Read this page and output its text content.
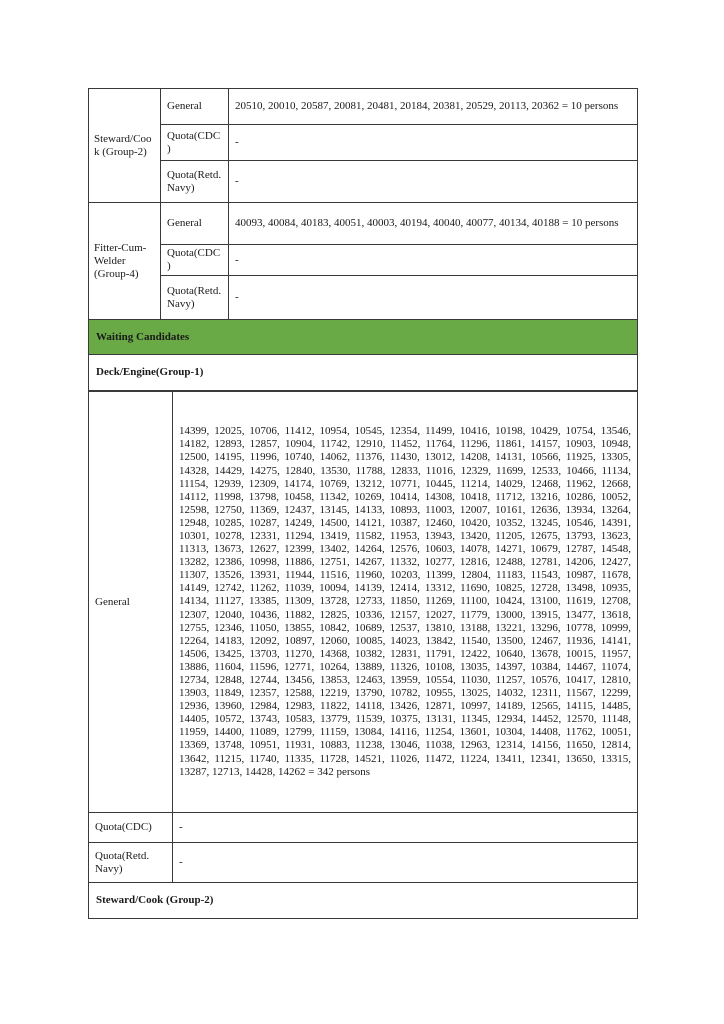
Steward/Cook (Group-2)	General	20510, 20010, 20587, 20081, 20481, 20184, 20381, 20529, 20113, 20362 = 10 persons
	Quota(CDC)	-
	Quota(Retd. Navy)	-
Fitter-Cum-Welder (Group-4)	General	40093, 40084, 40183, 40051, 40003, 40194, 40040, 40077, 40134, 40188 = 10 persons
	Quota(CDC)	-
	Quota(Retd. Navy)	-
Waiting Candidates		
Deck/Engine(Group-1)		
General	14399, 12025, 10706, 11412, 10954, 10545, 12354, 11499, 10416, 10198, 10429, 10754, 13546, 14182, 12893, 12857, 10904, 11742, 12910, 11452, 11764, 11296, 11861, 14157, 10903, 10948, 12500, 14195, 11996, 10740, 14062, 11376, 11430, 13012, 14208, 14131, 10566, 11925, 13305, 14328, 14429, 14275, 12840, 13530, 11788, 12833, 11016, 12329, 11699, 12533, 10466, 11134, 11154, 12939, 12309, 14174, 10769, 13212, 10771, 10445, 11214, 14029, 12468, 11962, 12668, 14112, 11998, 13798, 10458, 11342, 10269, 10414, 14308, 10418, 11712, 13216, 10286, 10052, 12598, 12750, 11369, 12437, 13145, 14133, 10893, 11003, 12007, 10161, 12636, 13934, 13264, 12948, 10285, 10287, 14249, 14500, 14121, 10387, 12460, 10420, 10352, 13245, 10546, 14391, 10301, 10278, 12331, 11294, 13419, 11582, 11953, 13943, 13420, 11205, 12675, 13793, 13623, 11313, 13673, 12627, 12399, 13402, 14264, 12576, 10603, 14078, 14271, 10679, 12787, 14548, 13282, 12386, 10998, 11886, 12751, 14267, 11332, 10277, 12816, 12488, 12781, 14206, 12427, 11307, 13526, 13931, 11944, 11516, 11960, 10203, 11399, 12804, 11183, 11543, 10987, 11678, 14149, 12742, 11262, 11039, 10094, 14139, 12414, 13312, 11690, 10825, 12728, 13498, 10935, 14134, 11127, 13385, 11309, 13728, 12733, 11850, 11269, 11100, 10424, 13100, 11619, 12708, 12307, 12040, 10436, 11882, 12825, 10336, 12157, 12027, 11779, 13000, 13915, 13477, 13618, 12755, 12346, 11050, 13855, 10842, 10689, 12537, 13810, 13188, 13221, 13296, 10778, 10999, 12264, 14183, 12092, 10897, 12060, 10085, 14023, 13842, 11540, 13500, 12467, 11936, 14141, 14506, 13425, 13703, 11270, 14368, 10382, 12831, 11791, 12422, 10640, 13678, 10015, 11957, 13886, 11604, 11596, 12771, 10264, 13889, 11326, 10108, 13035, 14397, 10384, 14467, 11074, 12734, 12848, 12744, 13456, 13853, 12463, 13959, 10554, 11030, 11257, 10576, 10417, 12810, 13903, 11849, 12357, 12588, 12219, 13790, 10782, 10955, 13025, 14032, 12311, 11567, 12299, 12936, 13960, 12984, 12983, 11822, 14118, 13426, 12871, 10997, 14189, 12565, 14115, 14485, 14405, 10572, 13743, 10583, 13779, 11539, 10375, 13131, 11345, 12934, 14452, 12570, 11148, 11959, 14400, 11089, 12799, 11159, 13084, 14116, 11254, 13601, 10304, 14408, 11762, 10051, 13369, 13748, 10951, 11931, 10883, 11238, 13046, 11038, 12963, 12314, 14156, 11650, 12814, 13642, 11215, 11740, 11335, 11728, 14521, 11026, 11472, 11224, 13411, 12341, 13650, 13315, 13287, 12713, 14428, 14262 = 342 persons
Quota(CDC)	-
Quota(Retd. Navy)	-
Steward/Cook (Group-2)	
